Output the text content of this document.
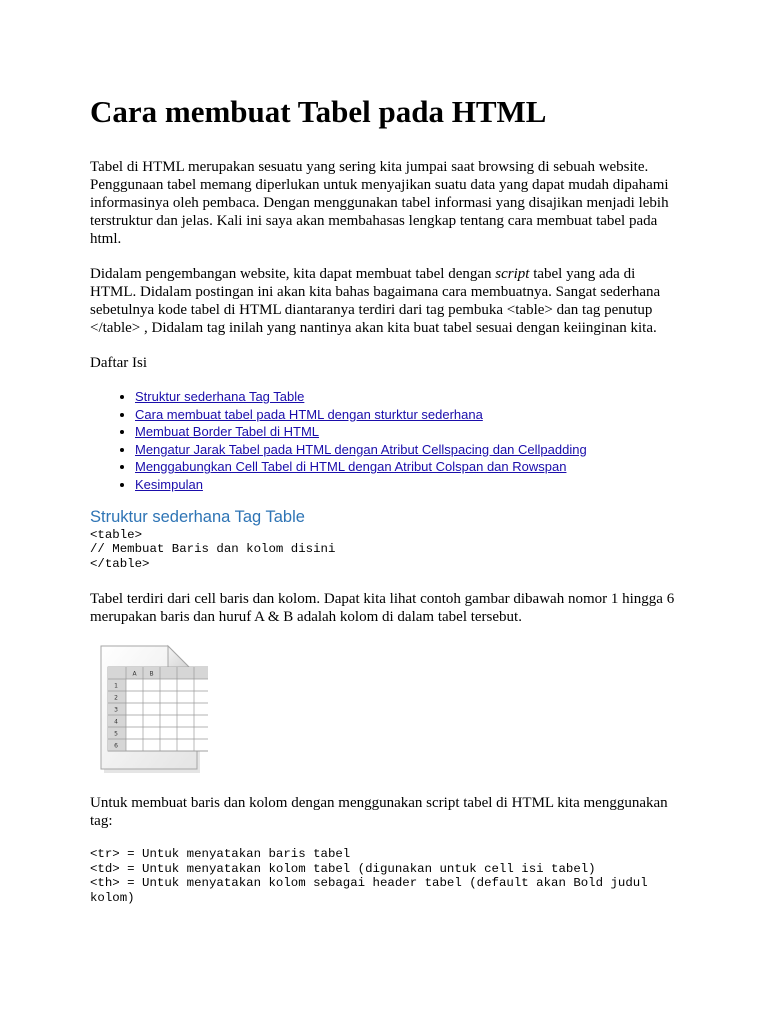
Cara membuat Tabel pada HTML

Tabel di HTML merupakan sesuatu yang sering kita jumpai saat browsing di sebuah website. Penggunaan tabel memang diperlukan untuk menyajikan suatu data yang dapat mudah dipahami informasinya oleh pembaca. Dengan menggunakan tabel informasi yang disajikan menjadi lebih terstruktur dan jelas. Kali ini saya akan membahasas lengkap tentang cara membuat tabel pada html.

Didalam pengembangan website, kita dapat membuat tabel dengan script tabel yang ada di HTML. Didalam postingan ini akan kita bahas bagaimana cara membuatnya. Sangat sederhana sebetulnya kode tabel di HTML diantaranya terdiri dari tag pembuka <table> dan tag penutup </table> , Didalam tag inilah yang nantinya akan kita buat tabel sesuai dengan keiinginan kita.

Daftar Isi

• Struktur sederhana Tag Table
• Cara membuat tabel pada HTML dengan sturktur sederhana
• Membuat Border Tabel di HTML
• Mengatur Jarak Tabel pada HTML dengan Atribut Cellspacing dan Cellpadding
• Menggabungkan Cell Tabel di HTML dengan Atribut Colspan dan Rowspan
• Kesimpulan
Struktur sederhana Tag Table
<table>
// Membuat Baris dan kolom disini
</table>

Tabel terdiri dari cell baris dan kolom. Dapat kita lihat contoh gambar dibawah nomor 1 hingga 6 merupakan baris dan huruf A & B adalah kolom di dalam tabel tersebut.

A B
1
2
3
4
5
6

Untuk membuat baris dan kolom dengan menggunakan script tabel di HTML kita menggunakan tag:

<tr> = Untuk menyatakan baris tabel
<td> = Untuk menyatakan kolom tabel (digunakan untuk cell isi tabel)
<th> = Untuk menyatakan kolom sebagai header tabel (default akan Bold judul
kolom)
